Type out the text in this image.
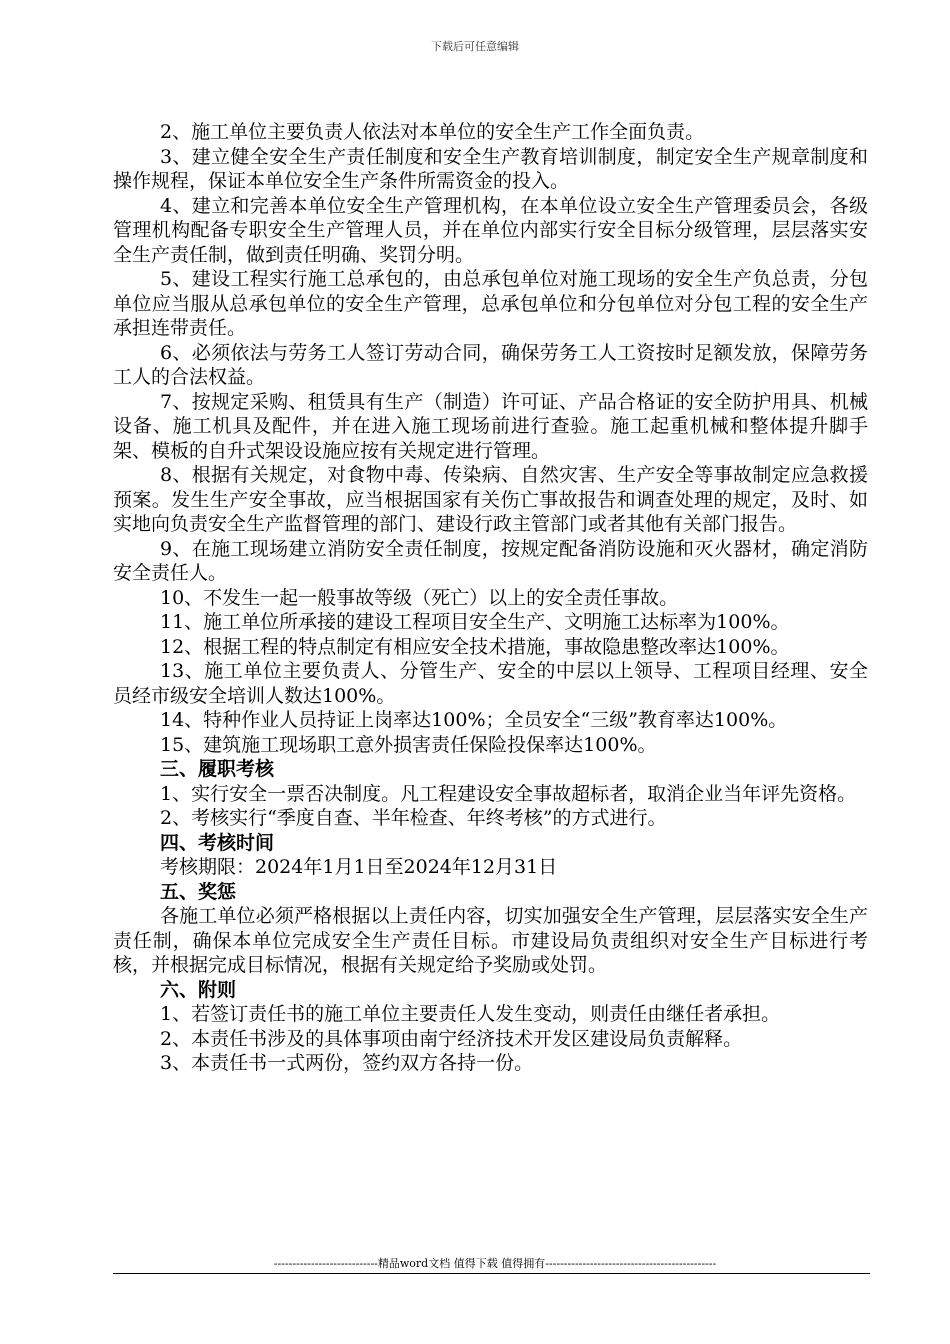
下载后可任意编辑

2、施工单位主要负责人依法对本单位的安全生产工作全面负责。

3、建立健全安全生产责任制度和安全生产教育培训制度，制定安全生产规章制度和操作规程，保证本单位安全生产条件所需资金的投入。

4、建立和完善本单位安全生产管理机构，在本单位设立安全生产管理委员会，各级管理机构配备专职安全生产管理人员，并在单位内部实行安全目标分级管理，层层落实安全生产责任制，做到责任明确、奖罚分明。

5、建设工程实行施工总承包的，由总承包单位对施工现场的安全生产负总责，分包单位应当服从总承包单位的安全生产管理，总承包单位和分包单位对分包工程的安全生产承担连带责任。

6、必须依法与劳务工人签订劳动合同，确保劳务工人工资按时足额发放，保障劳务工人的合法权益。

7、按规定采购、租赁具有生产（制造）许可证、产品合格证的安全防护用具、机械设备、施工机具及配件，并在进入施工现场前进行查验。施工起重机械和整体提升脚手架、模板的自升式架设设施应按有关规定进行管理。

8、根据有关规定，对食物中毒、传染病、自然灾害、生产安全等事故制定应急救援预案。发生生产安全事故，应当根据国家有关伤亡事故报告和调查处理的规定，及时、如实地向负责安全生产监督管理的部门、建设行政主管部门或者其他有关部门报告。

9、在施工现场建立消防安全责任制度，按规定配备消防设施和灭火器材，确定消防安全责任人。

10、不发生一起一般事故等级（死亡）以上的安全责任事故。

11、施工单位所承接的建设工程项目安全生产、文明施工达标率为100%。

12、根据工程的特点制定有相应安全技术措施，事故隐患整改率达100%。

13、施工单位主要负责人、分管生产、安全的中层以上领导、工程项目经理、安全员经市级安全培训人数达100%。

14、特种作业人员持证上岗率达100%；全员安全“三级”教育率达100%。

15、建筑施工现场职工意外损害责任保险投保率达100%。

三、履职考核

1、实行安全一票否决制度。凡工程建设安全事故超标者，取消企业当年评先资格。

2、考核实行“季度自查、半年检查、年终考核”的方式进行。

四、考核时间

考核期限：2024年1月1日至2024年12月31日

五、奖惩

各施工单位必须严格根据以上责任内容，切实加强安全生产管理，层层落实安全生产责任制，确保本单位完成安全生产责任目标。市建设局负责组织对安全生产目标进行考核，并根据完成目标情况，根据有关规定给予奖励或处罚。

六、附则

1、若签订责任书的施工单位主要责任人发生变动，则责任由继任者承担。

2、本责任书涉及的具体事项由南宁经济技术开发区建设局负责解释。

3、本责任书一式两份，签约双方各持一份。

----------------------------精品word文档 值得下载 值得拥有----------------------------------------------
